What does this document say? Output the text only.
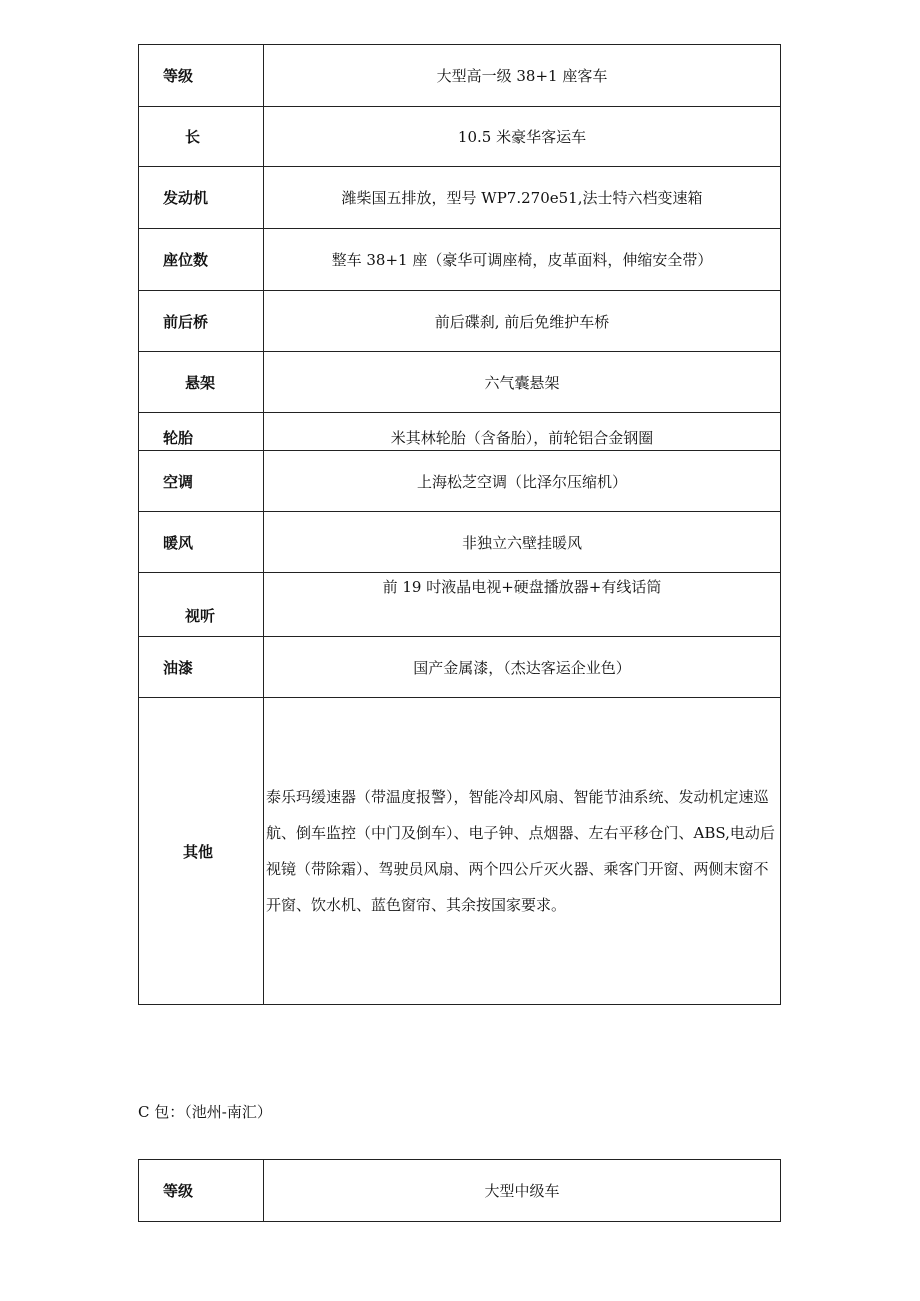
等级	大型高一级 38+1 座客车
长	10.5 米豪华客运车
发动机	潍柴国五排放，型号 WP7.270e51,法士特六档变速箱
座位数	整车 38+1 座（豪华可调座椅，皮革面料，伸缩安全带）
前后桥	前后碟刹, 前后免维护车桥
悬架	六气囊悬架
轮胎	米其林轮胎（含备胎），前轮铝合金钢圈
空调	上海松芝空调（比泽尔压缩机）
暖风	非独立六壁挂暖风
视听	前 19 吋液晶电视+硬盘播放器+有线话筒
油漆	国产金属漆，（杰达客运企业色）
其他	泰乐玛缓速器（带温度报警），智能冷却风扇、智能节油系统、发动机定速巡航、倒车监控（中门及倒车）、电子钟、点烟器、左右平移仓门、ABS,电动后视镜（带除霜）、驾驶员风扇、两个四公斤灭火器、乘客门开窗、两侧末窗不开窗、饮水机、蓝色窗帘、其余按国家要求。
C 包：（池州-南汇）
等级	大型中级车
